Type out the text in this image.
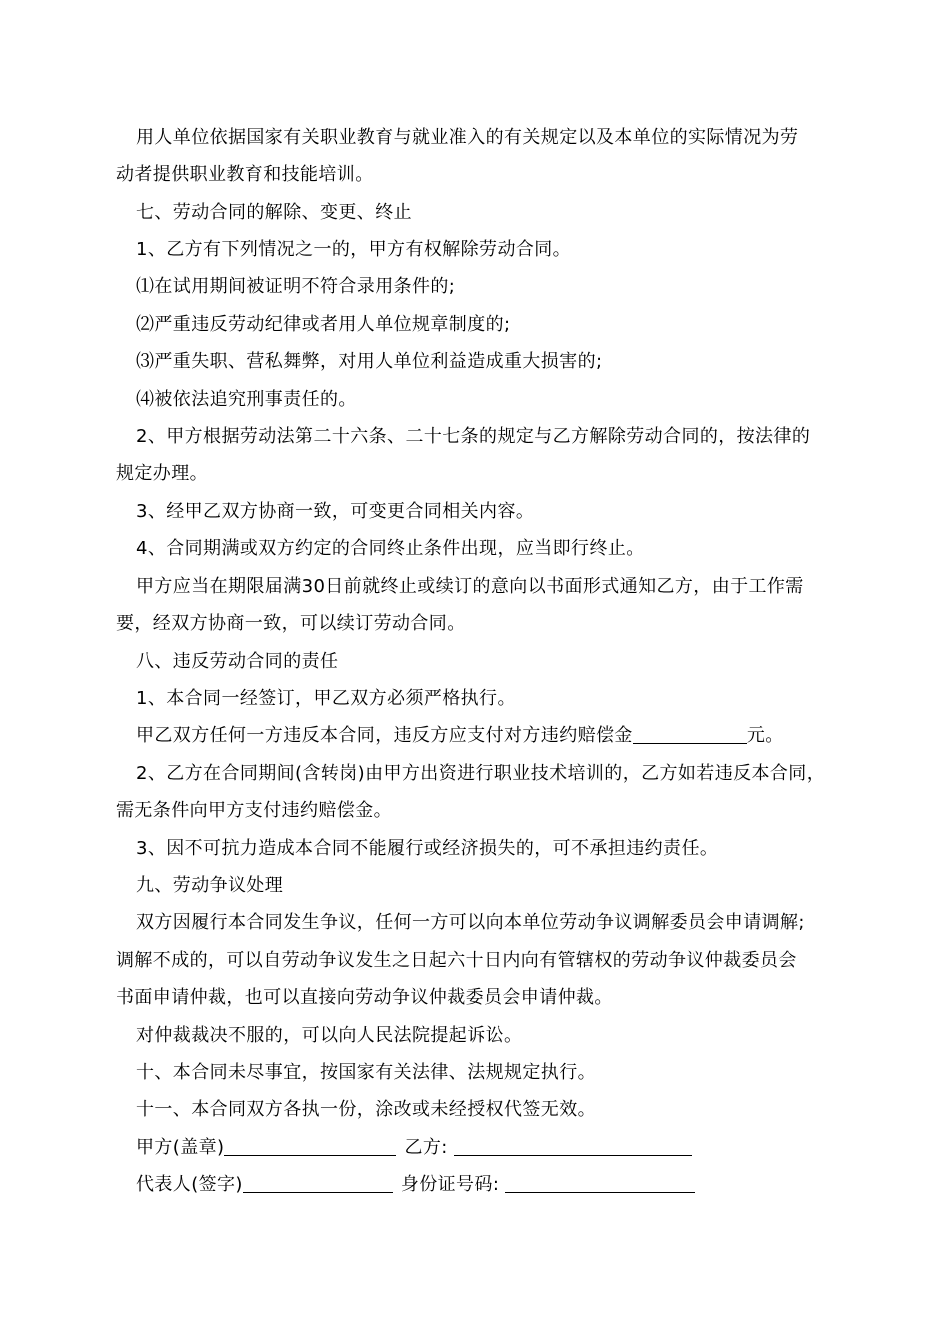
用人单位依据国家有关职业教育与就业准入的有关规定以及本单位的实际情况为劳
动者提供职业教育和技能培训。
七、劳动合同的解除、变更、终止
1、乙方有下列情况之一的，甲方有权解除劳动合同。
⑴在试用期间被证明不符合录用条件的;
⑵严重违反劳动纪律或者用人单位规章制度的;
⑶严重失职、营私舞弊，对用人单位利益造成重大损害的;
⑷被依法追究刑事责任的。
2、甲方根据劳动法第二十六条、二十七条的规定与乙方解除劳动合同的，按法律的
规定办理。
3、经甲乙双方协商一致，可变更合同相关内容。
4、合同期满或双方约定的合同终止条件出现，应当即行终止。
甲方应当在期限届满30日前就终止或续订的意向以书面形式通知乙方，由于工作需
要，经双方协商一致，可以续订劳动合同。
八、违反劳动合同的责任
1、本合同一经签订，甲乙双方必须严格执行。
甲乙双方任何一方违反本合同，违反方应支付对方违约赔偿金	元。
2、乙方在合同期间(含转岗)由甲方出资进行职业技术培训的，乙方如若违反本合同，
需无条件向甲方支付违约赔偿金。
3、因不可抗力造成本合同不能履行或经济损失的，可不承担违约责任。
九、劳动争议处理
双方因履行本合同发生争议，任何一方可以向本单位劳动争议调解委员会申请调解;
调解不成的，可以自劳动争议发生之日起六十日内向有管辖权的劳动争议仲裁委员会
书面申请仲裁，也可以直接向劳动争议仲裁委员会申请仲裁。
对仲裁裁决不服的，可以向人民法院提起诉讼。
十、本合同未尽事宜，按国家有关法律、法规规定执行。
十一、本合同双方各执一份，涂改或未经授权代签无效。
甲方(盖章)	乙方:
代表人(签字)	身份证号码:
